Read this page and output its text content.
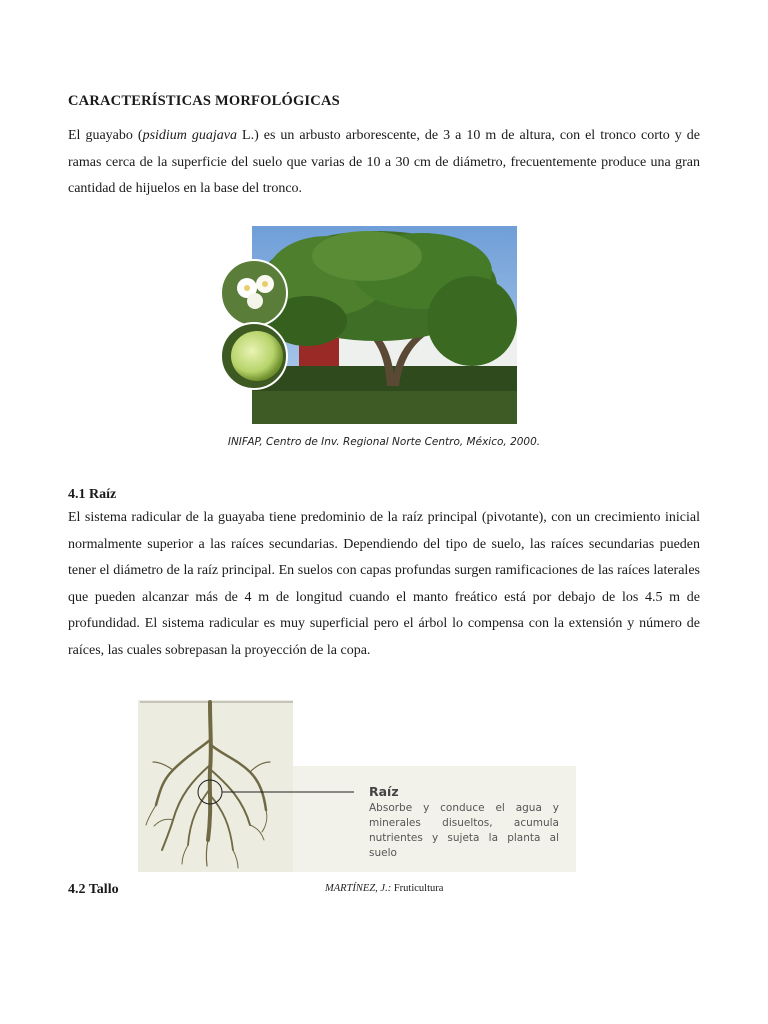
CARACTERÍSTICAS MORFOLÓGICAS
El guayabo (psidium guajava L.) es un arbusto arborescente, de 3 a 10 m de altura, con el tronco corto y de ramas cerca de la superficie del suelo que varias de 10 a 30 cm de diámetro, frecuentemente produce una gran cantidad de hijuelos en la base del tronco.
INIFAP, Centro de Inv. Regional Norte Centro, México, 2000.
4.1 Raíz
El sistema radicular de la guayaba tiene predominio de la raíz principal (pivotante), con un crecimiento inicial normalmente superior a las raíces secundarias. Dependiendo del tipo de suelo, las raíces secundarias pueden tener el diámetro de la raíz principal. En suelos con capas profundas surgen ramificaciones de las raíces laterales que pueden alcanzar más de 4 m de longitud cuando el manto freático está por debajo de los 4.5 m de profundidad. El sistema radicular es muy superficial pero el árbol lo compensa con la extensión y número de raíces, las cuales sobrepasan la proyección de la copa.
Raíz
Absorbe y conduce el agua y minerales disueltos, acumula nutrientes y sujeta la planta al suelo
4.2 Tallo	MARTÍNEZ, J.: Fruticultura
